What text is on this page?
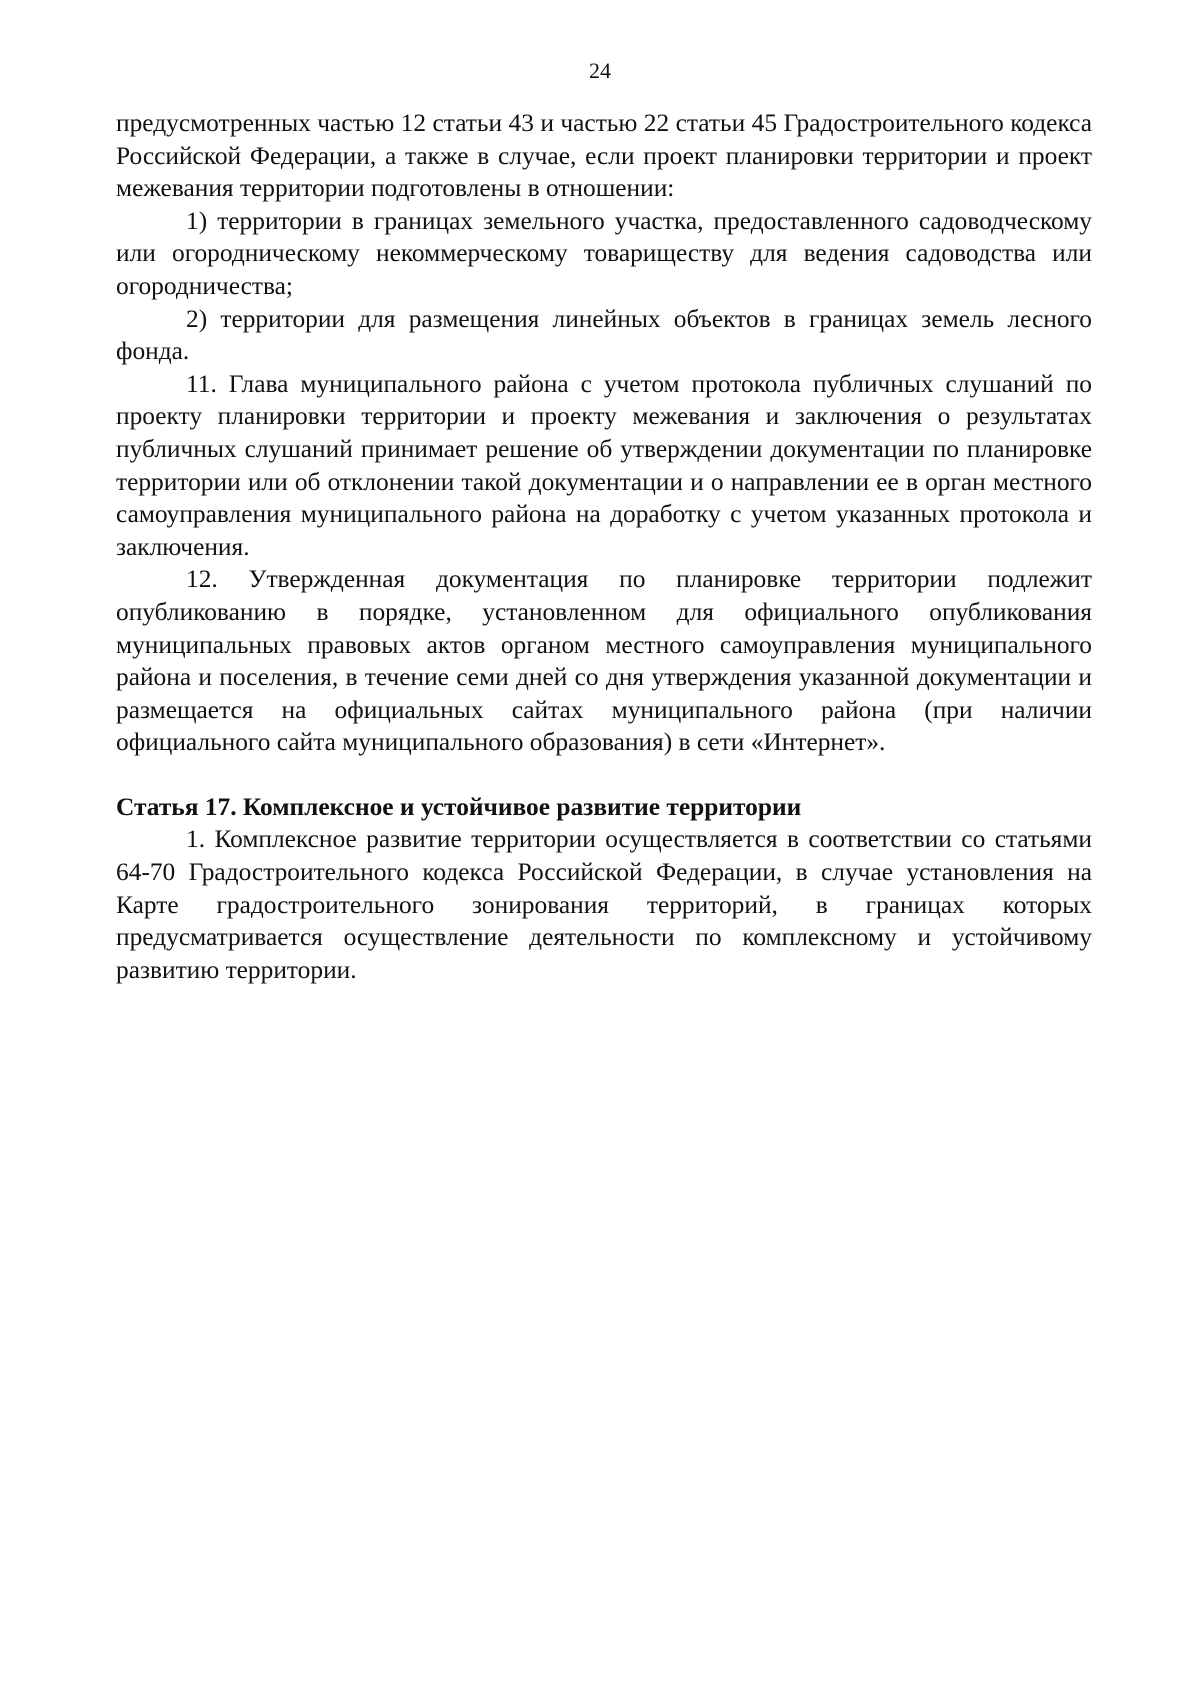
24

предусмотренных частью 12 статьи 43 и частью 22 статьи 45 Градостроительного кодекса Российской Федерации, а также в случае, если проект планировки территории и проект межевания территории подготовлены в отношении:

1) территории в границах земельного участка, предоставленного садоводческому или огородническому некоммерческому товариществу для ведения садоводства или огородничества;

2) территории для размещения линейных объектов в границах земель лесного фонда.

11. Глава муниципального района с учетом протокола публичных слушаний по проекту планировки территории и проекту межевания и заключения о результатах публичных слушаний принимает решение об утверждении документации по планировке территории или об отклонении такой документации и о направлении ее в орган местного самоуправления муниципального района на доработку с учетом указанных протокола и заключения.

12. Утвержденная документация по планировке территории подлежит опубликованию в порядке, установленном для официального опубликования муниципальных правовых актов органом местного самоуправления муниципального района и поселения, в течение семи дней со дня утверждения указанной документации и размещается на официальных сайтах муниципального района (при наличии официального сайта муниципального образования) в сети «Интернет».

Статья 17. Комплексное и устойчивое развитие территории

1. Комплексное развитие территории осуществляется в соответствии со статьями 64-70 Градостроительного кодекса Российской Федерации, в случае установления на Карте градостроительного зонирования территорий, в границах которых предусматривается осуществление деятельности по комплексному и устойчивому развитию территории.
